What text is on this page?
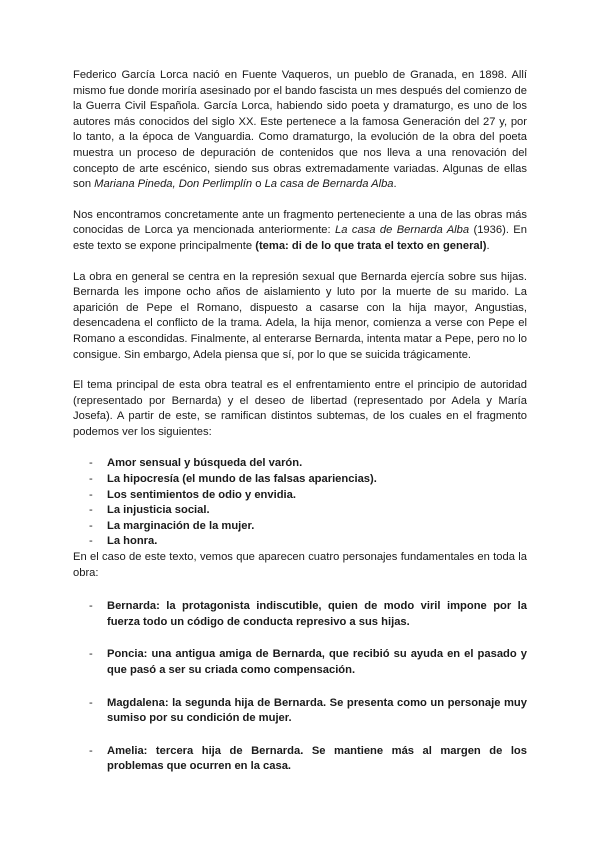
Federico García Lorca nació en Fuente Vaqueros, un pueblo de Granada, en 1898. Allí mismo fue donde moriría asesinado por el bando fascista un mes después del comienzo de la Guerra Civil Española. García Lorca, habiendo sido poeta y dramaturgo, es uno de los autores más conocidos del siglo XX. Este pertenece a la famosa Generación del 27 y, por lo tanto, a la época de Vanguardia. Como dramaturgo, la evolución de la obra del poeta muestra un proceso de depuración de contenidos que nos lleva a una renovación del concepto de arte escénico, siendo sus obras extremadamente variadas. Algunas de ellas son Mariana Pineda, Don Perlimplín o La casa de Bernarda Alba.

Nos encontramos concretamente ante un fragmento perteneciente a una de las obras más conocidas de Lorca ya mencionada anteriormente: La casa de Bernarda Alba (1936). En este texto se expone principalmente (tema: di de lo que trata el texto en general).

La obra en general se centra en la represión sexual que Bernarda ejercía sobre sus hijas. Bernarda les impone ocho años de aislamiento y luto por la muerte de su marido. La aparición de Pepe el Romano, dispuesto a casarse con la hija mayor, Angustias, desencadena el conflicto de la trama. Adela, la hija menor, comienza a verse con Pepe el Romano a escondidas. Finalmente, al enterarse Bernarda, intenta matar a Pepe, pero no lo consigue. Sin embargo, Adela piensa que sí, por lo que se suicida trágicamente.

El tema principal de esta obra teatral es el enfrentamiento entre el principio de autoridad (representado por Bernarda) y el deseo de libertad (representado por Adela y María Josefa). A partir de este, se ramifican distintos subtemas, de los cuales en el fragmento podemos ver los siguientes:

- Amor sensual y búsqueda del varón.
- La hipocresía (el mundo de las falsas apariencias).
- Los sentimientos de odio y envidia.
- La injusticia social.
- La marginación de la mujer.
- La honra.

En el caso de este texto, vemos que aparecen cuatro personajes fundamentales en toda la obra:

- Bernarda: la protagonista indiscutible, quien de modo viril impone por la fuerza todo un código de conducta represivo a sus hijas.
- Poncia: una antigua amiga de Bernarda, que recibió su ayuda en el pasado y que pasó a ser su criada como compensación.
- Magdalena: la segunda hija de Bernarda. Se presenta como un personaje muy sumiso por su condición de mujer.
- Amelia: tercera hija de Bernarda. Se mantiene más al margen de los problemas que ocurren en la casa.
